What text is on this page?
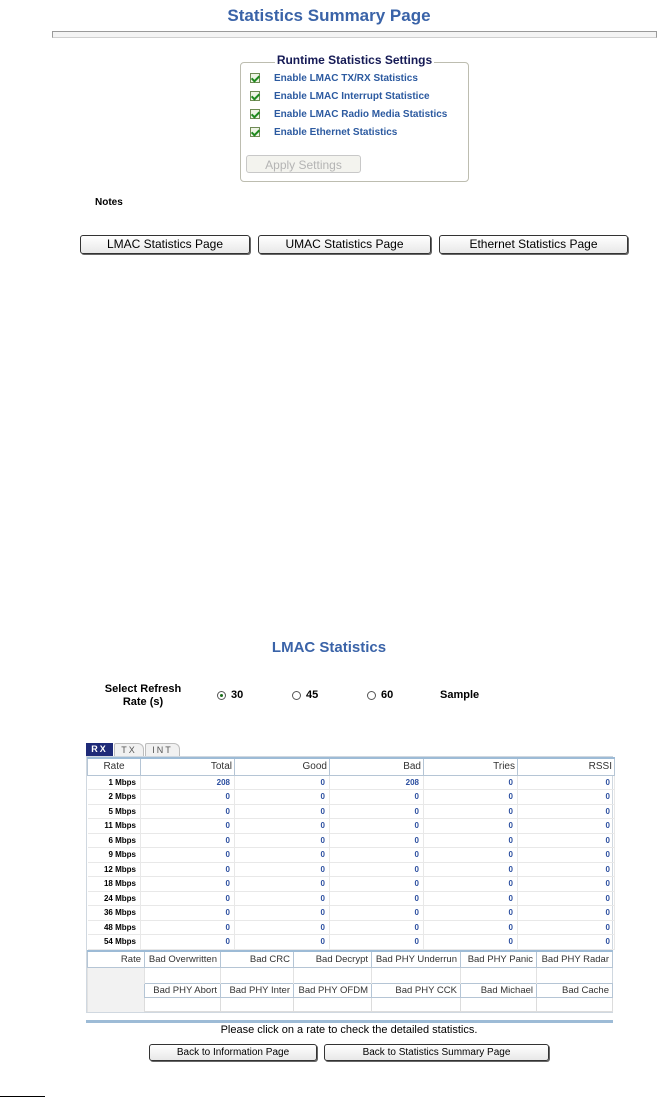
Statistics Summary Page
Runtime Statistics Settings
Enable LMAC TX/RX Statistics
Enable LMAC Interrupt Statistice
Enable LMAC Radio Media Statistics
Enable Ethernet Statistics
Apply Settings
Notes
LMAC Statistics Page	UMAC Statistics Page	Ethernet Statistics Page
LMAC Statistics
Select Refresh Rate (s)
30	45	60	Sample
RX	TX	INT
Rate	Total	Good	Bad	Tries	RSSI
1 Mbps	208	0	208	0	0
2 Mbps	0	0	0	0	0
5 Mbps	0	0	0	0	0
11 Mbps	0	0	0	0	0
6 Mbps	0	0	0	0	0
9 Mbps	0	0	0	0	0
12 Mbps	0	0	0	0	0
18 Mbps	0	0	0	0	0
24 Mbps	0	0	0	0	0
36 Mbps	0	0	0	0	0
48 Mbps	0	0	0	0	0
54 Mbps	0	0	0	0	0
Rate	Bad Overwritten	Bad CRC	Bad Decrypt	Bad PHY Underrun	Bad PHY Panic	Bad PHY Radar

	Bad PHY Abort	Bad PHY Inter	Bad PHY OFDM	Bad PHY CCK	Bad Michael	Bad Cache

Please click on a rate to check the detailed statistics.
Back to Information Page	Back to Statistics Summary Page
